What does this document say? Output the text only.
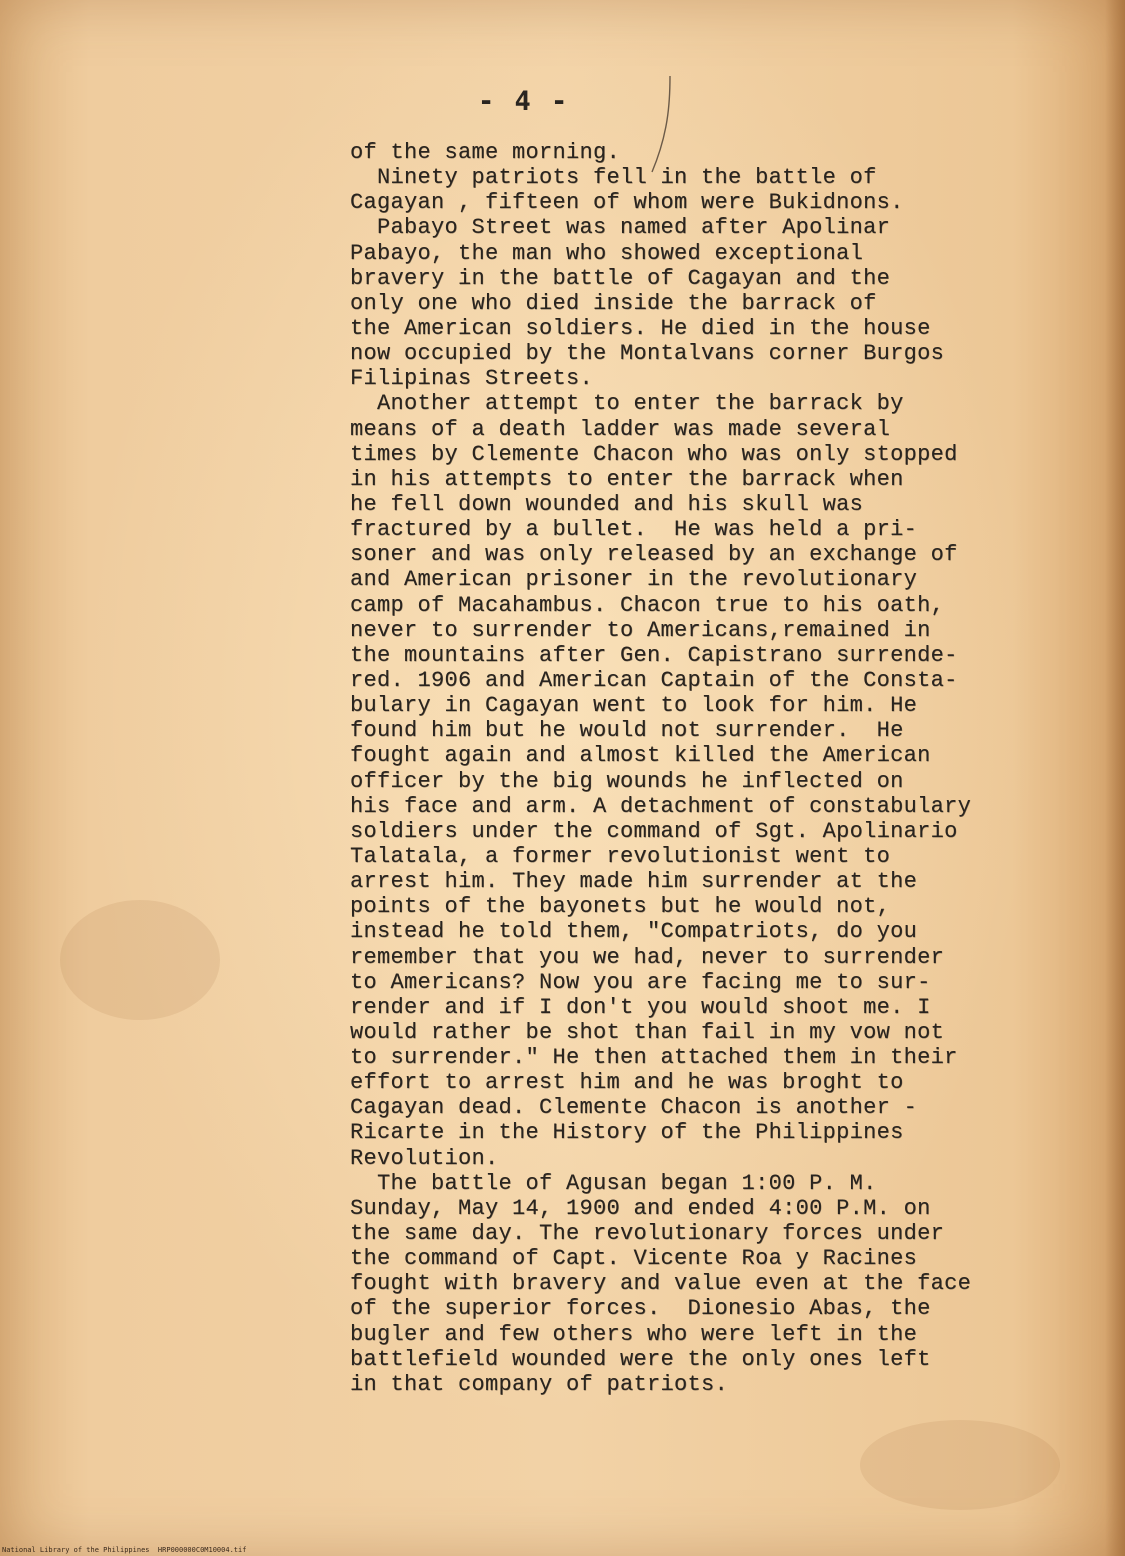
- 4 -
of the same morning.
Ninety patriots fell in the battle of
Cagayan , fifteen of whom were Bukidnons.
Pabayo Street was named after Apolinar
Pabayo, the man who showed exceptional
bravery in the battle of Cagayan and the
only one who died inside the barrack of
the American soldiers. He died in the house
now occupied by the Montalvans corner Burgos
Filipinas Streets.
Another attempt to enter the barrack by
means of a death ladder was made several
times by Clemente Chacon who was only stopped
in his attempts to enter the barrack when
he fell down wounded and his skull was
fractured by a bullet.  He was held a pri-
soner and was only released by an exchange of
and American prisoner in the revolutionary
camp of Macahambus. Chacon true to his oath,
never to surrender to Americans,remained in
the mountains after Gen. Capistrano surrende-
red. 1906 and American Captain of the Consta-
bulary in Cagayan went to look for him. He
found him but he would not surrender.  He
fought again and almost killed the American
officer by the big wounds he inflected on
his face and arm. A detachment of constabulary
soldiers under the command of Sgt. Apolinario
Talatala, a former revolutionist went to
arrest him. They made him surrender at the
points of the bayonets but he would not,
instead he told them, "Compatriots, do you
remember that you we had, never to surrender
to Americans? Now you are facing me to sur-
render and if I don't you would shoot me. I
would rather be shot than fail in my vow not
to surrender." He then attached them in their
effort to arrest him and he was broght to
Cagayan dead. Clemente Chacon is another -
Ricarte in the History of the Philippines
Revolution.
The battle of Agusan began 1:00 P. M.
Sunday, May 14, 1900 and ended 4:00 P.M. on
the same day. The revolutionary forces under
the command of Capt. Vicente Roa y Racines
fought with bravery and value even at the face
of the superior forces.  Dionesio Abas, the
bugler and few others who were left in the
battlefield wounded were the only ones left
in that company of patriots.
National Library of the Philippines  HRP000000C0M10004.tif
